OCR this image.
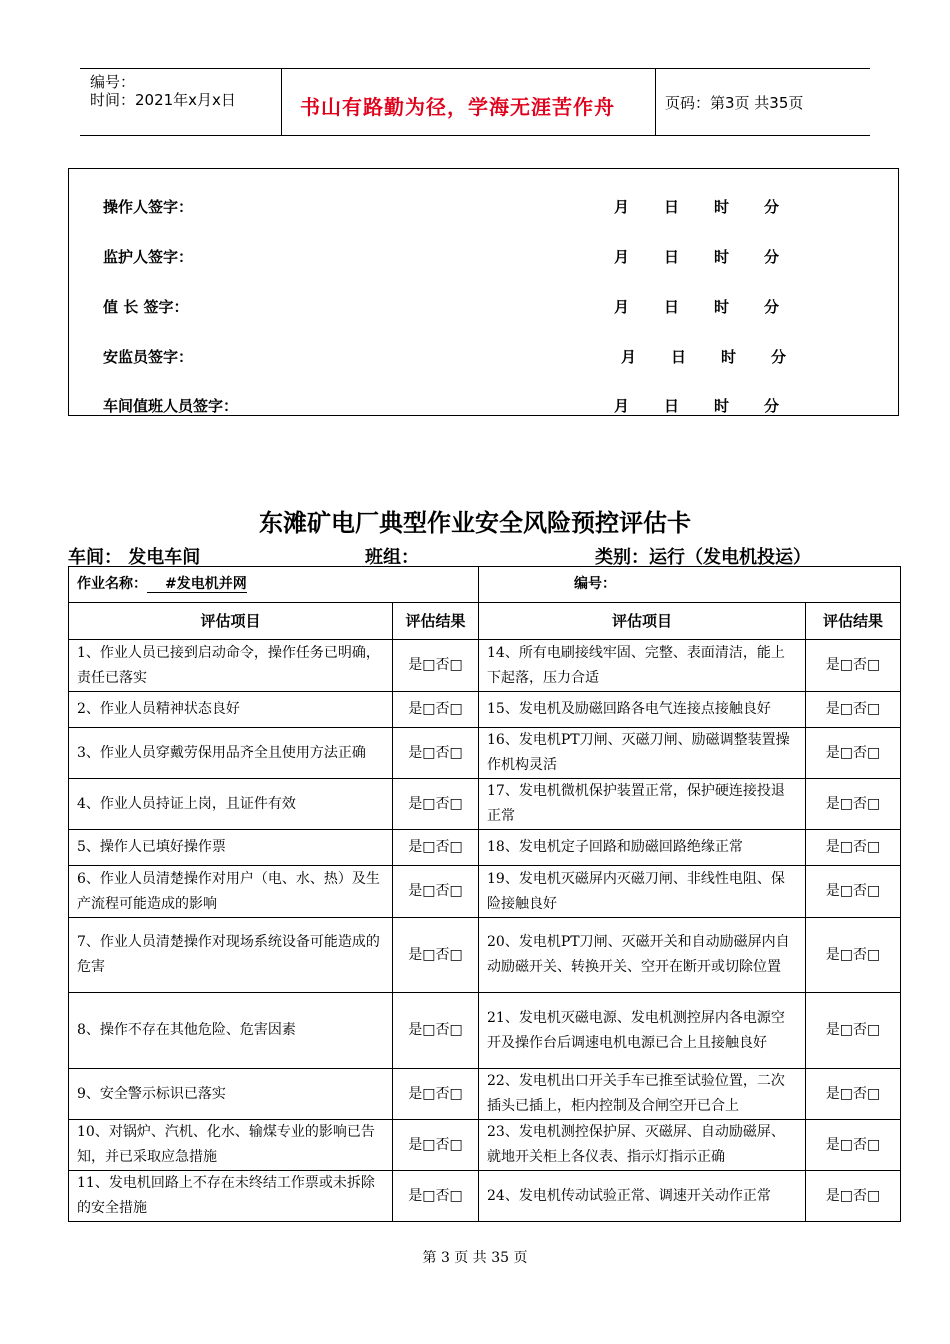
编号：
时间：2021年x月x日	书山有路勤为径，学海无涯苦作舟	页码：第3页 共35页
操作人签字：	月 日 时 分
监护人签字：	月 日 时 分
值 长 签字：	月 日 时 分
安监员签字：	月 日 时 分
车间值班人员签字：	月 日 时 分
东滩矿电厂典型作业安全风险预控评估卡
车间： 发电车间	班组：	类别：运行（发电机投运）
作业名称： #发电机并网		编号：	
评估项目	评估结果	评估项目	评估结果
1、作业人员已接到启动命令，操作任务已明确，责任已落实	是□否□	14、所有电刷接线牢固、完整、表面清洁，能上下起落，压力合适	是□否□
2、作业人员精神状态良好	是□否□	15、发电机及励磁回路各电气连接点接触良好	是□否□
3、作业人员穿戴劳保用品齐全且使用方法正确	是□否□	16、发电机PT刀闸、灭磁刀闸、励磁调整装置操作机构灵活	是□否□
4、作业人员持证上岗，且证件有效	是□否□	17、发电机微机保护装置正常，保护硬连接投退正常	是□否□
5、操作人已填好操作票	是□否□	18、发电机定子回路和励磁回路绝缘正常	是□否□
6、作业人员清楚操作对用户（电、水、热）及生产流程可能造成的影响	是□否□	19、发电机灭磁屏内灭磁刀闸、非线性电阻、保险接触良好	是□否□
7、作业人员清楚操作对现场系统设备可能造成的危害	是□否□	20、发电机PT刀闸、灭磁开关和自动励磁屏内自动励磁开关、转换开关、空开在断开或切除位置	是□否□
8、操作不存在其他危险、危害因素	是□否□	21、发电机灭磁电源、发电机测控屏内各电源空开及操作台后调速电机电源已合上且接触良好	是□否□
9、安全警示标识已落实	是□否□	22、发电机出口开关手车已推至试验位置，二次插头已插上，柜内控制及合闸空开已合上	是□否□
10、对锅炉、汽机、化水、输煤专业的影响已告知，并已采取应急措施	是□否□	23、发电机测控保护屏、灭磁屏、自动励磁屏、就地开关柜上各仪表、指示灯指示正确	是□否□
11、发电机回路上不存在未终结工作票或未拆除的安全措施	是□否□	24、发电机传动试验正常、调速开关动作正常	是□否□
第 3 页 共 35 页
